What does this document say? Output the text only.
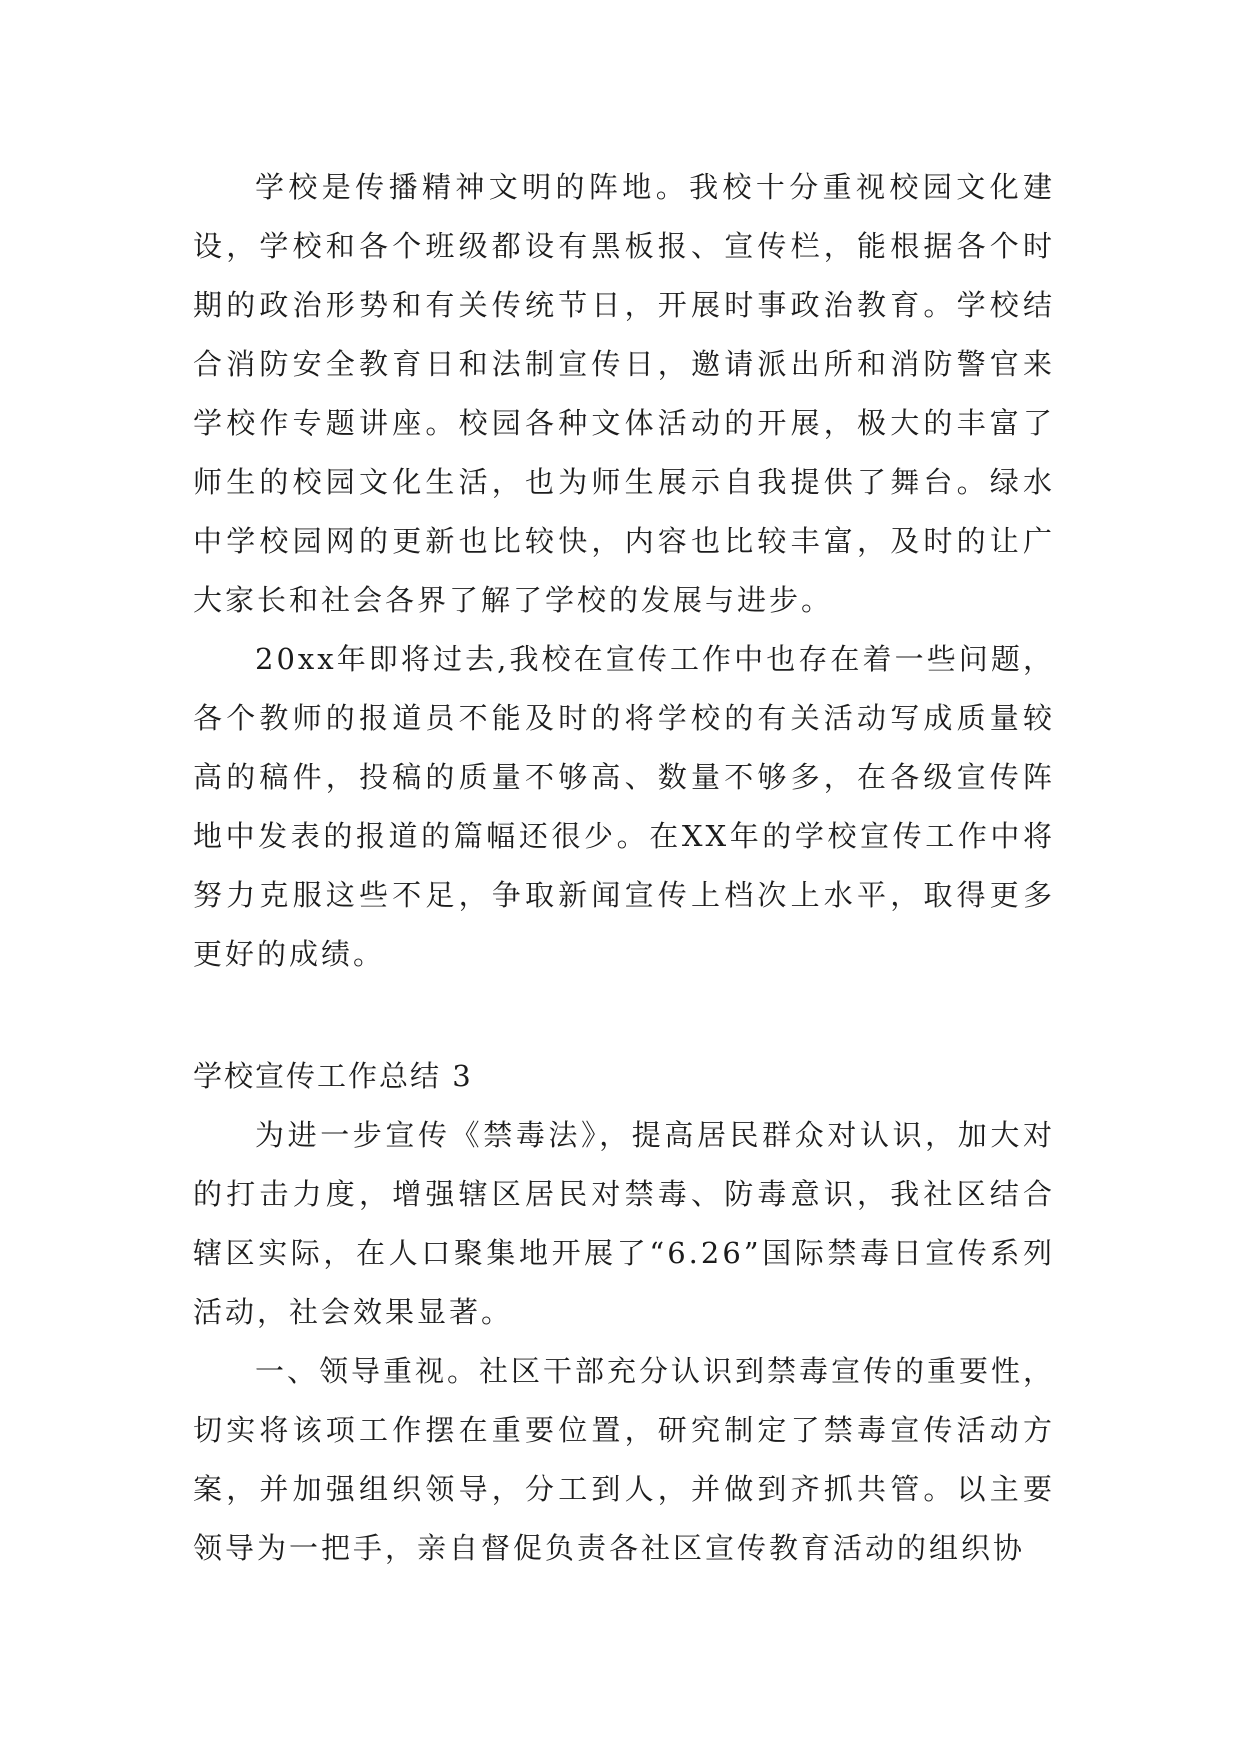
学校是传播精神文明的阵地。我校十分重视校园文化建设，学校和各个班级都设有黑板报、宣传栏，能根据各个时期的政治形势和有关传统节日，开展时事政治教育。学校结合消防安全教育日和法制宣传日，邀请派出所和消防警官来学校作专题讲座。校园各种文体活动的开展，极大的丰富了师生的校园文化生活，也为师生展示自我提供了舞台。绿水中学校园网的更新也比较快，内容也比较丰富，及时的让广大家长和社会各界了解了学校的发展与进步。

20xx年即将过去,我校在宣传工作中也存在着一些问题，各个教师的报道员不能及时的将学校的有关活动写成质量较高的稿件，投稿的质量不够高、数量不够多，在各级宣传阵地中发表的报道的篇幅还很少。在XX年的学校宣传工作中将努力克服这些不足，争取新闻宣传上档次上水平，取得更多更好的成绩。

学校宣传工作总结 3

为进一步宣传《禁毒法》，提高居民群众对认识，加大对的打击力度，增强辖区居民对禁毒、防毒意识，我社区结合辖区实际，在人口聚集地开展了“6.26”国际禁毒日宣传系列活动，社会效果显著。

一、领导重视。社区干部充分认识到禁毒宣传的重要性，切实将该项工作摆在重要位置，研究制定了禁毒宣传活动方案，并加强组织领导，分工到人，并做到齐抓共管。以主要领导为一把手，亲自督促负责各社区宣传教育活动的组织协
